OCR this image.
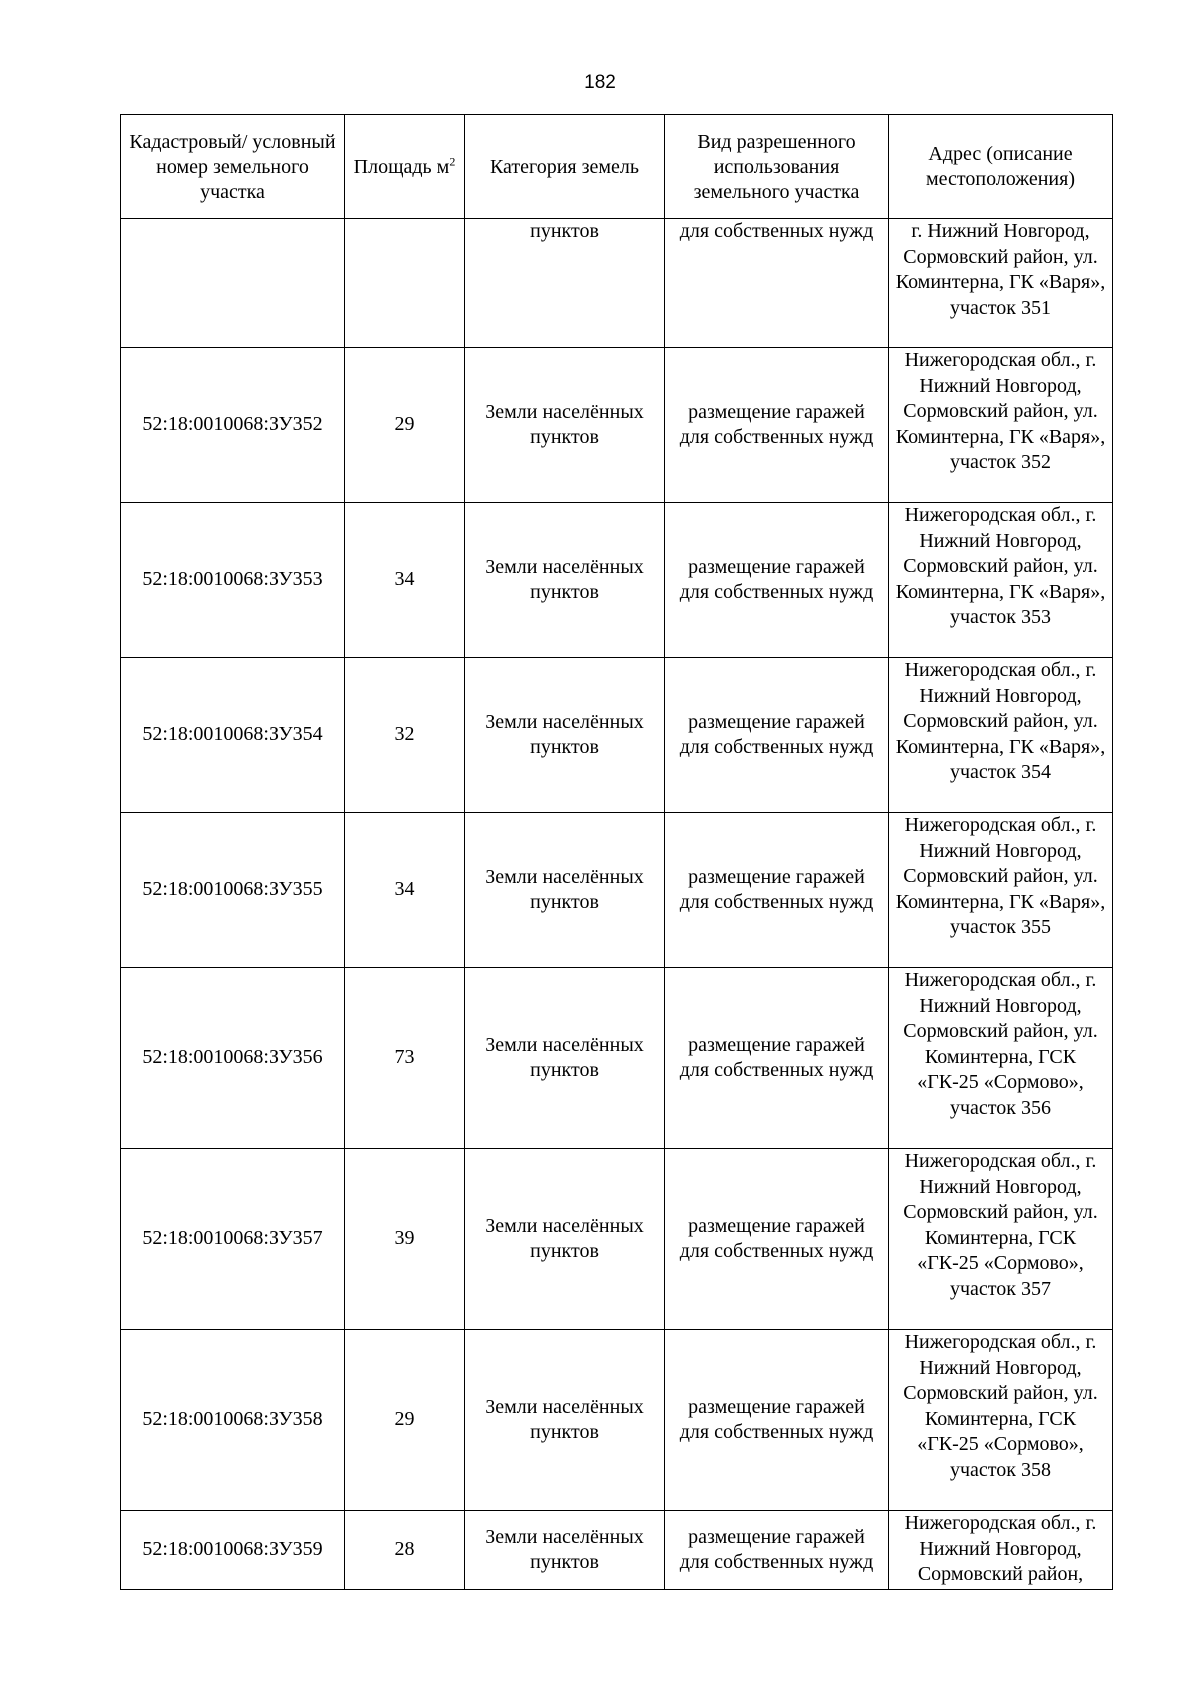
182
Кадастровый/ условный номер земельного участка	Площадь $м^2$	Категория земель	Вид разрешенного использования земельного участка	Адрес (описание местоположения)
		пунктов	для собственных нужд	г. Нижний Новгород, Сормовский район, ул. Коминтерна, ГК «Варя», участок 351
52:18:0010068:ЗУ352	29	Земли населённых пунктов	размещение гаражей для собственных нужд	Нижегородская обл., г. Нижний Новгород, Сормовский район, ул. Коминтерна, ГК «Варя», участок 352
52:18:0010068:ЗУ353	34	Земли населённых пунктов	размещение гаражей для собственных нужд	Нижегородская обл., г. Нижний Новгород, Сормовский район, ул. Коминтерна, ГК «Варя», участок 353
52:18:0010068:ЗУ354	32	Земли населённых пунктов	размещение гаражей для собственных нужд	Нижегородская обл., г. Нижний Новгород, Сормовский район, ул. Коминтерна, ГК «Варя», участок 354
52:18:0010068:ЗУ355	34	Земли населённых пунктов	размещение гаражей для собственных нужд	Нижегородская обл., г. Нижний Новгород, Сормовский район, ул. Коминтерна, ГК «Варя», участок 355
52:18:0010068:ЗУ356	73	Земли населённых пунктов	размещение гаражей для собственных нужд	Нижегородская обл., г. Нижний Новгород, Сормовский район, ул. Коминтерна, ГСК «ГК-25 «Сормово», участок 356
52:18:0010068:ЗУ357	39	Земли населённых пунктов	размещение гаражей для собственных нужд	Нижегородская обл., г. Нижний Новгород, Сормовский район, ул. Коминтерна, ГСК «ГК-25 «Сормово», участок 357
52:18:0010068:ЗУ358	29	Земли населённых пунктов	размещение гаражей для собственных нужд	Нижегородская обл., г. Нижний Новгород, Сормовский район, ул. Коминтерна, ГСК «ГК-25 «Сормово», участок 358
52:18:0010068:ЗУ359	28	Земли населённых пунктов	размещение гаражей для собственных нужд	Нижегородская обл., г. Нижний Новгород, Сормовский район,
